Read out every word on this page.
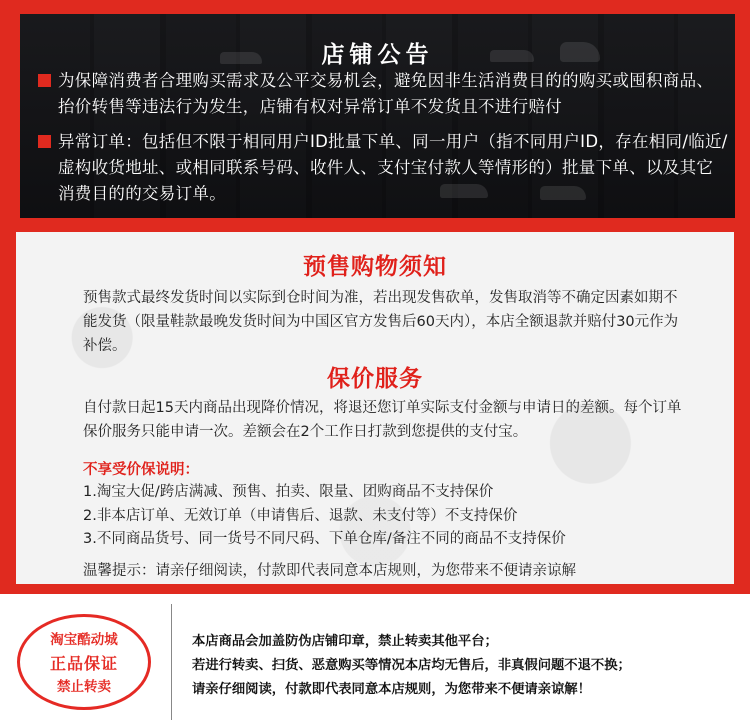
店铺公告
为保障消费者合理购买需求及公平交易机会，避免因非生活消费目的的购买或囤积商品、抬价转售等违法行为发生，店铺有权对异常订单不发货且不进行赔付
异常订单：包括但不限于相同用户ID批量下单、同一用户（指不同用户ID，存在相同/临近/虚构收货地址、或相同联系号码、收件人、支付宝付款人等情形的）批量下单、以及其它消费目的的交易订单。
预售购物须知
预售款式最终发货时间以实际到仓时间为准，若出现发售砍单，发售取消等不确定因素如期不能发货（限量鞋款最晚发货时间为中国区官方发售后60天内），本店全额退款并赔付30元作为补偿。
保价服务
自付款日起15天内商品出现降价情况，将退还您订单实际支付金额与申请日的差额。每个订单保价服务只能申请一次。差额会在2个工作日打款到您提供的支付宝。
不享受价保说明：
1.淘宝大促/跨店满减、预售、拍卖、限量、团购商品不支持保价
2.非本店订单、无效订单（申请售后、退款、未支付等）不支持保价
3.不同商品货号、同一货号不同尺码、下单仓库/备注不同的商品不支持保价
温馨提示：请亲仔细阅读，付款即代表同意本店规则，为您带来不便请亲谅解
淘宝酷动城
正品保证
禁止转卖
本店商品会加盖防伪店铺印章，禁止转卖其他平台；
若进行转卖、扫货、恶意购买等情况本店均无售后，非真假问题不退不换；
请亲仔细阅读，付款即代表同意本店规则，为您带来不便请亲谅解！
